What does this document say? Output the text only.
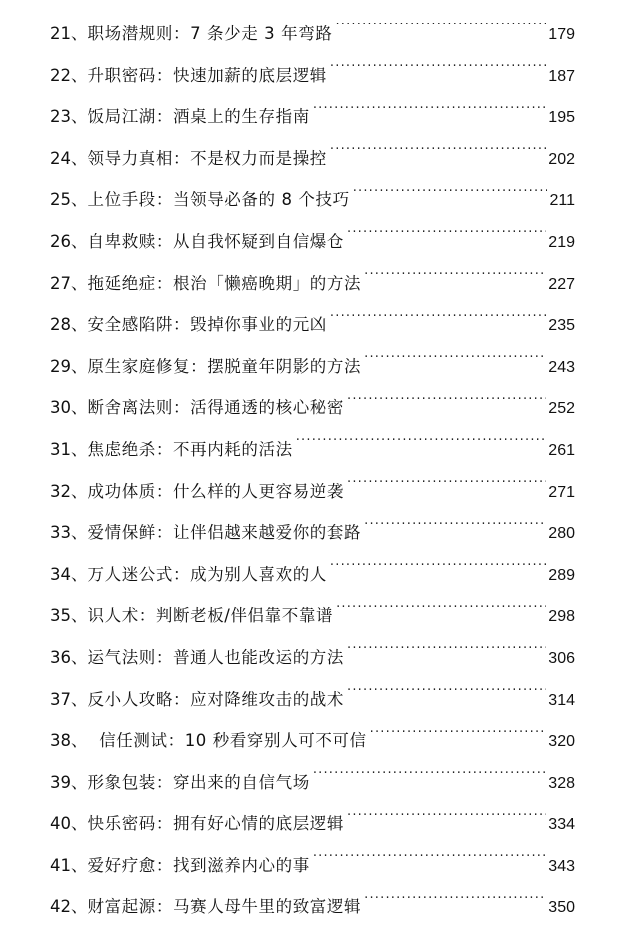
21、 职场潜规则：7 条少走 3 年弯路 .....	179
22、 升职密码：快速加薪的底层逻辑 .....	187
23、 饭局江湖：酒桌上的生存指南 .....	195
24、 领导力真相：不是权力而是操控 .....	202
25、 上位手段：当领导必备的 8 个技巧 .....	211
26、 自卑救赎：从自我怀疑到自信爆仓 .....	219
27、 拖延绝症：根治「懒癌晚期」的方法 .....	227
28、 安全感陷阱：毁掉你事业的元凶 .....	235
29、 原生家庭修复：摆脱童年阴影的方法 .....	243
30、 断舍离法则：活得通透的核心秘密 .....	252
31、 焦虑绝杀：不再内耗的活法 .....	261
32、 成功体质：什么样的人更容易逆袭 .....	271
33、 爱情保鲜：让伴侣越来越爱你的套路 .....	280
34、 万人迷公式：成为别人喜欢的人 .....	289
35、 识人术：判断老板/伴侣靠不靠谱 .....	298
36、 运气法则：普通人也能改运的方法 .....	306
37、 反小人攻略：应对降维攻击的战术 .....	314
38、 信任测试：10 秒看穿别人可不可信 .....	320
39、 形象包装：穿出来的自信气场 .....	328
40、 快乐密码：拥有好心情的底层逻辑 .....	334
41、 爱好疗愈：找到滋养内心的事 .....	343
42、 财富起源：马赛人母牛里的致富逻辑 .....	350
